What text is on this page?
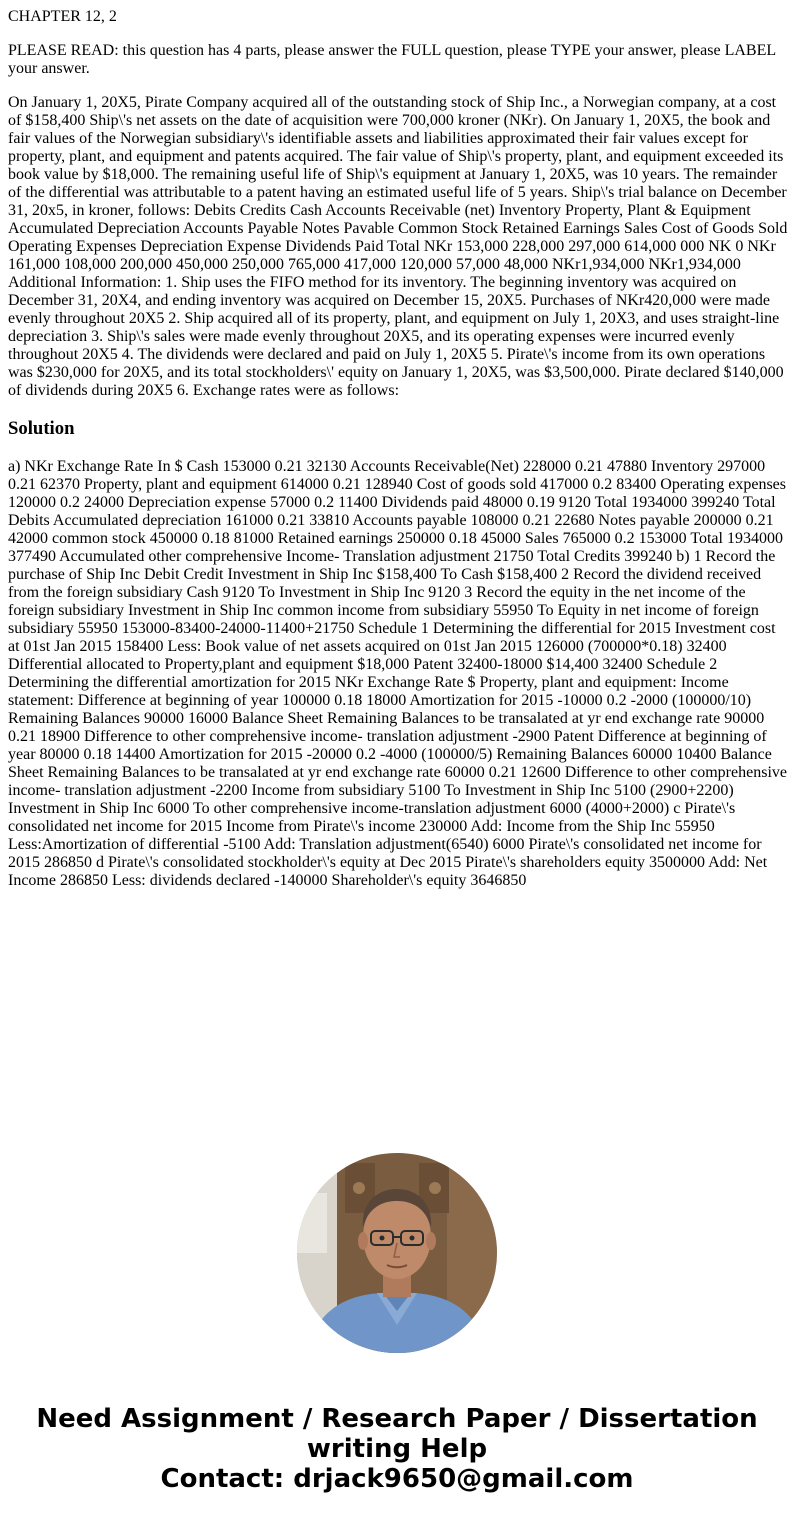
CHAPTER 12, 2

PLEASE READ: this question has 4 parts, please answer the FULL question, please TYPE your answer, please LABEL your answer.

On January 1, 20X5, Pirate Company acquired all of the outstanding stock of Ship Inc., a Norwegian company, at a cost of $158,400 Ship\'s net assets on the date of acquisition were 700,000 kroner (NKr). On January 1, 20X5, the book and fair values of the Norwegian subsidiary\'s identifiable assets and liabilities approximated their fair values except for property, plant, and equipment and patents acquired. The fair value of Ship\'s property, plant, and equipment exceeded its book value by $18,000. The remaining useful life of Ship\'s equipment at January 1, 20X5, was 10 years. The remainder of the differential was attributable to a patent having an estimated useful life of 5 years. Ship\'s trial balance on December 31, 20x5, in kroner, follows: Debits Credits Cash Accounts Receivable (net) Inventory Property, Plant & Equipment Accumulated Depreciation Accounts Payable Notes Pavable Common Stock Retained Earnings Sales Cost of Goods Sold Operating Expenses Depreciation Expense Dividends Paid Total NKr 153,000 228,000 297,000 614,000 000 NK 0 NKr 161,000 108,000 200,000 450,000 250,000 765,000 417,000 120,000 57,000 48,000 NKr1,934,000 NKr1,934,000 Additional Information: 1. Ship uses the FIFO method for its inventory. The beginning inventory was acquired on December 31, 20X4, and ending inventory was acquired on December 15, 20X5. Purchases of NKr420,000 were made evenly throughout 20X5 2. Ship acquired all of its property, plant, and equipment on July 1, 20X3, and uses straight-line depreciation 3. Ship\'s sales were made evenly throughout 20X5, and its operating expenses were incurred evenly throughout 20X5 4. The dividends were declared and paid on July 1, 20X5 5. Pirate\'s income from its own operations was $230,000 for 20X5, and its total stockholders\' equity on January 1, 20X5, was $3,500,000. Pirate declared $140,000 of dividends during 20X5 6. Exchange rates were as follows:

Solution

a) NKr Exchange Rate In $ Cash 153000 0.21 32130 Accounts Receivable(Net) 228000 0.21 47880 Inventory 297000 0.21 62370 Property, plant and equipment 614000 0.21 128940 Cost of goods sold 417000 0.2 83400 Operating expenses 120000 0.2 24000 Depreciation expense 57000 0.2 11400 Dividends paid 48000 0.19 9120 Total 1934000 399240 Total Debits Accumulated depreciation 161000 0.21 33810 Accounts payable 108000 0.21 22680 Notes payable 200000 0.21 42000 common stock 450000 0.18 81000 Retained earnings 250000 0.18 45000 Sales 765000 0.2 153000 Total 1934000 377490 Accumulated other comprehensive Income- Translation adjustment 21750 Total Credits 399240 b) 1 Record the purchase of Ship Inc Debit Credit Investment in Ship Inc $158,400 To Cash $158,400 2 Record the dividend received from the foreign subsidiary Cash 9120 To Investment in Ship Inc 9120 3 Record the equity in the net income of the foreign subsidiary Investment in Ship Inc common income from subsidiary 55950 To Equity in net income of foreign subsidiary 55950 153000-83400-24000-11400+21750 Schedule 1 Determining the differential for 2015 Investment cost at 01st Jan 2015 158400 Less: Book value of net assets acquired on 01st Jan 2015 126000 (700000*0.18) 32400 Differential allocated to Property,plant and equipment $18,000 Patent 32400-18000 $14,400 32400 Schedule 2 Determining the differential amortization for 2015 NKr Exchange Rate $ Property, plant and equipment: Income statement: Difference at beginning of year 100000 0.18 18000 Amortization for 2015 -10000 0.2 -2000 (100000/10) Remaining Balances 90000 16000 Balance Sheet Remaining Balances to be transalated at yr end exchange rate 90000 0.21 18900 Difference to other comprehensive income- translation adjustment -2900 Patent Difference at beginning of year 80000 0.18 14400 Amortization for 2015 -20000 0.2 -4000 (100000/5) Remaining Balances 60000 10400 Balance Sheet Remaining Balances to be transalated at yr end exchange rate 60000 0.21 12600 Difference to other comprehensive income- translation adjustment -2200 Income from subsidiary 5100 To Investment in Ship Inc 5100 (2900+2200) Investment in Ship Inc 6000 To other comprehensive income-translation adjustment 6000 (4000+2000) c Pirate\'s consolidated net income for 2015 Income from Pirate\'s income 230000 Add: Income from the Ship Inc 55950 Less:Amortization of differential -5100 Add: Translation adjustment(6540) 6000 Pirate\'s consolidated net income for 2015 286850 d Pirate\'s consolidated stockholder\'s equity at Dec 2015 Pirate\'s shareholders equity 3500000 Add: Net Income 286850 Less: dividends declared -140000 Shareholder\'s equity 3646850

Need Assignment / Research Paper / Dissertation
writing Help
Contact: drjack9650@gmail.com
